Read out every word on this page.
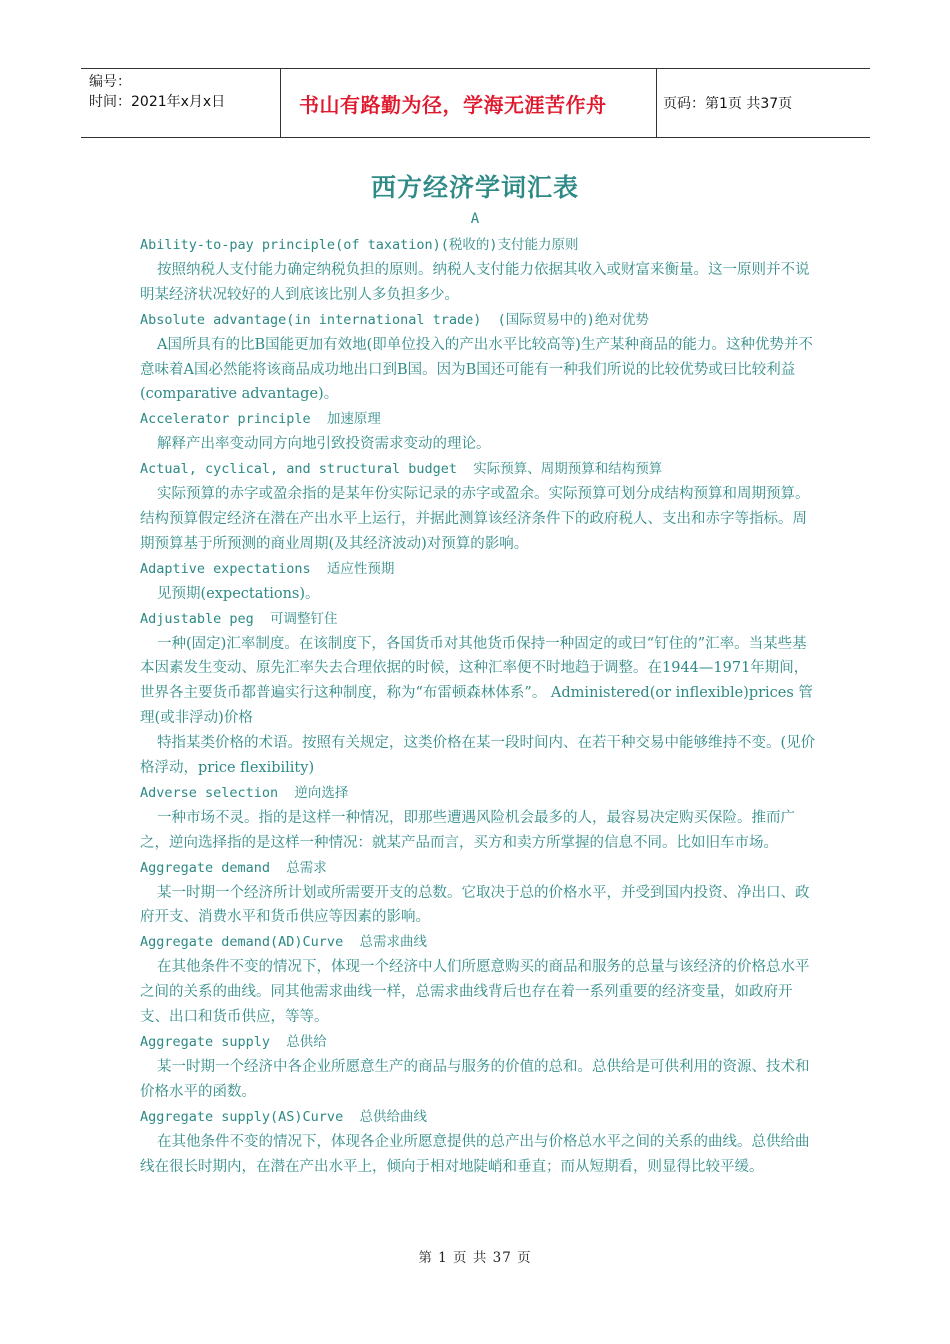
编号：
时间：2021年x月x日	书山有路勤为径，学海无涯苦作舟	页码：第1页 共37页
西方经济学词汇表
A

Ability-to-pay principle(of taxation)(税收的)支付能力原则

按照纳税人支付能力确定纳税负担的原则。纳税人支付能力依据其收入或财富来衡量。这一原则并不说明某经济状况较好的人到底该比别人多负担多少。

Absolute advantage(in international trade)  (国际贸易中的)绝对优势

A国所具有的比B国能更加有效地(即单位投入的产出水平比较高等)生产某种商品的能力。这种优势并不意味着A国必然能将该商品成功地出口到B国。因为B国还可能有一种我们所说的比较优势或曰比较利益(comparative advantage)。

Accelerator principle  加速原理

解释产出率变动同方向地引致投资需求变动的理论。

Actual, cyclical, and structural budget  实际预算、周期预算和结构预算

实际预算的赤字或盈余指的是某年份实际记录的赤字或盈余。实际预算可划分成结构预算和周期预算。结构预算假定经济在潜在产出水平上运行，并据此测算该经济条件下的政府税人、支出和赤字等指标。周期预算基于所预测的商业周期(及其经济波动)对预算的影响。

Adaptive expectations  适应性预期

见预期(expectations)。

Adjustable peg  可调整钉住

一种(固定)汇率制度。在该制度下，各国货币对其他货币保持一种固定的或曰“钉住的”汇率。当某些基本因素发生变动、原先汇率失去合理依据的时候，这种汇率便不时地趋于调整。在1944—1971年期间，世界各主要货币都普遍实行这种制度，称为“布雷顿森林体系”。 Administered(or inflexible)prices 管理(或非浮动)价格

特指某类价格的术语。按照有关规定，这类价格在某一段时间内、在若干种交易中能够维持不变。(见价格浮动，price flexibility)

Adverse selection  逆向选择

一种市场不灵。指的是这样一种情况，即那些遭遇风险机会最多的人，最容易决定购买保险。推而广之，逆向选择指的是这样一种情况：就某产品而言，买方和卖方所掌握的信息不同。比如旧车市场。

Aggregate demand  总需求

某一时期一个经济所计划或所需要开支的总数。它取决于总的价格水平，并受到国内投资、净出口、政府开支、消费水平和货币供应等因素的影响。

Aggregate demand(AD)Curve  总需求曲线

在其他条件不变的情况下，体现一个经济中人们所愿意购买的商品和服务的总量与该经济的价格总水平之间的关系的曲线。同其他需求曲线一样，总需求曲线背后也存在着一系列重要的经济变量，如政府开支、出口和货币供应，等等。

Aggregate supply  总供给

某一时期一个经济中各企业所愿意生产的商品与服务的价值的总和。总供给是可供利用的资源、技术和价格水平的函数。

Aggregate supply(AS)Curve  总供给曲线

在其他条件不变的情况下，体现各企业所愿意提供的总产出与价格总水平之间的关系的曲线。总供给曲线在很长时期内，在潜在产出水平上，倾向于相对地陡峭和垂直；而从短期看，则显得比较平缓。

第 1 页 共 37 页
